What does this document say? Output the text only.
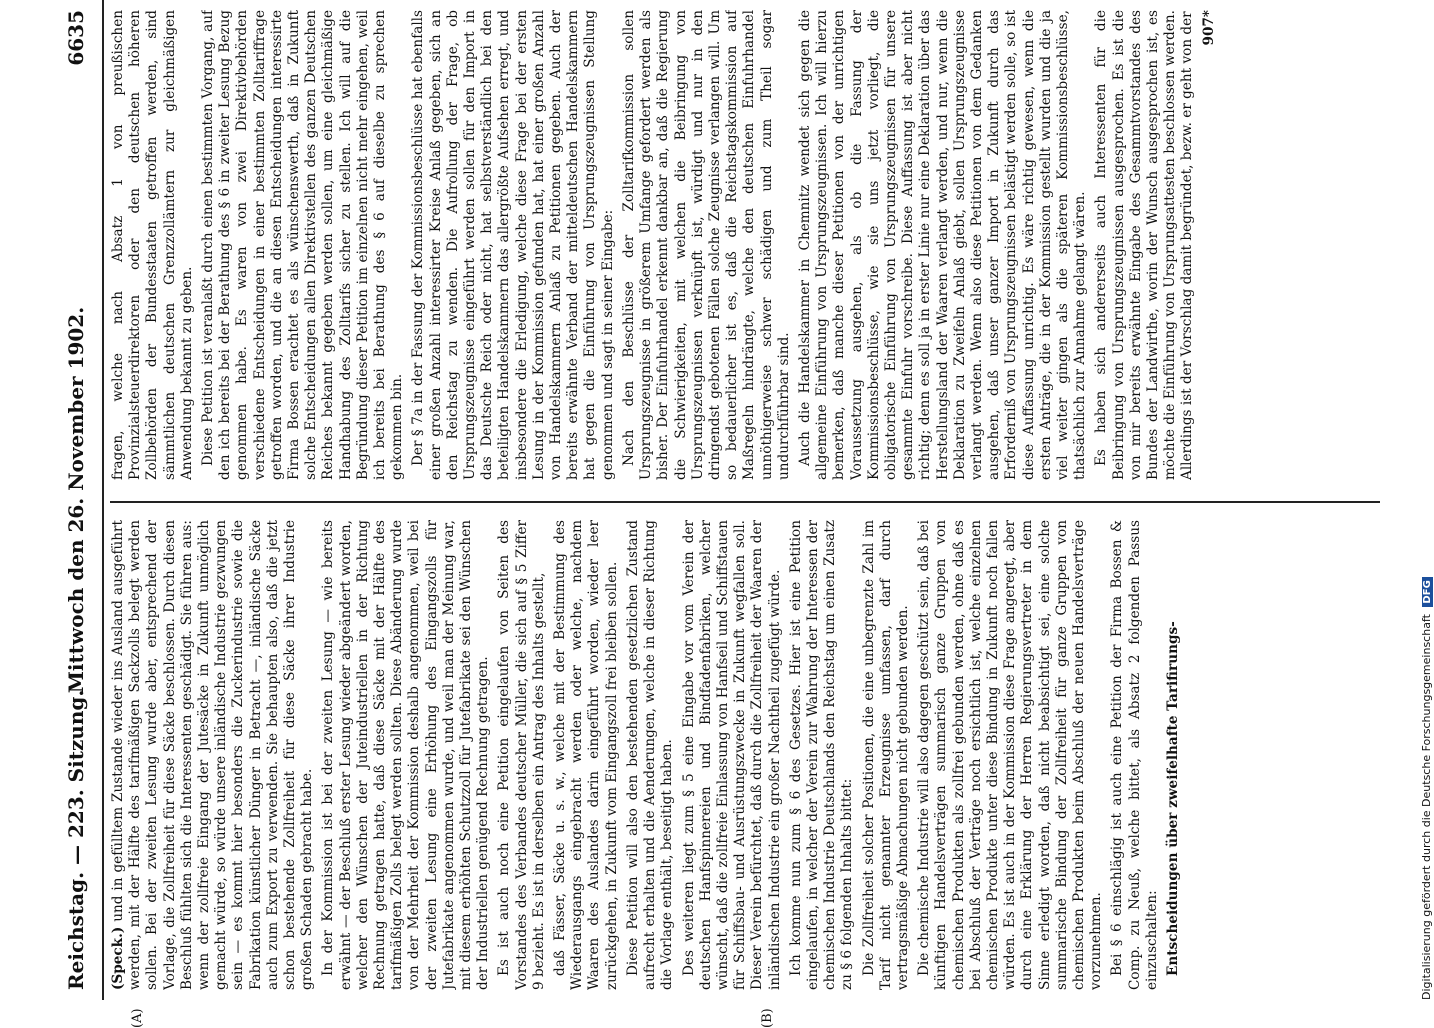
Reichstag. — 223. Sitzung.
Mittwoch den 26. November 1902.
6635
(A)	(B)

(Speck.) und in gefülltem Zustande wieder ins Ausland ausgeführt werden, mit der Hälfte des tarifmäßigen Sackzolls belegt werden sollen. Bei der zweiten Lesung wurde aber, entsprechend der Vorlage, die Zollfreiheit für diese Säcke beschlossen. Durch diesen Beschluß fühlten sich die Interessenten geschädigt. Sie führen aus: wenn der zollfreie Eingang der Jutesäcke in Zukunft unmöglich gemacht würde, so würde unsere inländische Industrie gezwungen sein — es kommt hier besonders die Zuckerindustrie sowie die Fabrikation künstlicher Dünger in Betracht —, inländische Säcke auch zum Export zu verwenden. Sie behaupten also, daß die jetzt schon bestehende Zollfreiheit für diese Säcke ihrer Industrie großen Schaden gebracht habe. In der Kommission ist bei der zweiten Lesung — wie bereits erwähnt — der Beschluß erster Lesung wieder abgeändert worden, welcher den Wünschen der Juteindustriellen in der Richtung Rechnung getragen hatte, daß diese Säcke mit der Hälfte des tarifmäßigen Zolls belegt werden sollten. Diese Abänderung wurde von der Mehrheit der Kommission deshalb angenommen, weil bei der zweiten Lesung eine Erhöhung des Eingangszolls für Jutefabrikate angenommen wurde, und weil man der Meinung war, mit diesem erhöhten Schutzzoll für Jutefabrikate sei den Wünschen der Industriellen genügend Rechnung getragen. Es ist auch noch eine Petition eingelaufen von Seiten des Vorstandes des Verbandes deutscher Müller, die sich auf § 5 Ziffer 9 bezieht. Es ist in derselben ein Antrag des Inhalts gestellt, daß Fässer, Säcke u. s. w., welche mit der Bestimmung des Wiederausgangs eingebracht werden oder welche, nachdem Waaren des Auslandes darin eingeführt worden, wieder leer zurückgehen, in Zukunft vom Eingangszoll frei bleiben sollen. Diese Petition will also den bestehenden gesetzlichen Zustand aufrecht erhalten und die Aenderungen, welche in dieser Richtung die Vorlage enthält, beseitigt haben. Des weiteren liegt zum § 5 eine Eingabe vor vom Verein der deutschen Hanfspinnereien und Bindfadenfabriken, welcher wünscht, daß die zollfreie Einlassung von Hanfseil und Schiffstauen für Schiffsbau- und Ausrüstungszwecke in Zukunft wegfallen soll. Dieser Verein befürchtet, daß durch die Zollfreiheit der Waaren der inländischen Industrie ein großer Nachtheil zugefügt würde. Ich komme nun zum § 6 des Gesetzes. Hier ist eine Petition eingelaufen, in welcher der Verein zur Wahrung der Interessen der chemischen Industrie Deutschlands den Reichstag um einen Zusatz zu § 6 folgenden Inhalts bittet: Die Zollfreiheit solcher Positionen, die eine unbegrenzte Zahl im Tarif nicht genannter Erzeugnisse umfassen, darf durch vertragsmäßige Abmachungen nicht gebunden werden. Die chemische Industrie will also dagegen geschützt sein, daß bei künftigen Handelsverträgen summarisch ganze Gruppen von chemischen Produkten als zollfrei gebunden werden, ohne daß es bei Abschluß der Verträge noch ersichtlich ist, welche einzelnen chemischen Produkte unter diese Bindung in Zukunft noch fallen würden. Es ist auch in der Kommission diese Frage angeregt, aber durch eine Erklärung der Herren Regierungsvertreter in dem Sinne erledigt worden, daß nicht beabsichtigt sei, eine solche summarische Bindung der Zollfreiheit für ganze Gruppen von chemischen Produkten beim Abschluß der neuen Handelsverträge vorzunehmen. Bei § 6 einschlägig ist auch eine Petition der Firma Bossen & Comp. zu Neuß, welche bittet, als Absatz 2 folgenden Passus einzuschalten: Entscheidungen über zweifelhafte Tarifirungs-

fragen, welche nach Absatz 1 von preußischen Provinzialsteuerdirektoren oder den deutschen höheren Zollbehörden der Bundesstaaten getroffen werden, sind sämmtlichen deutschen Grenzzollämtern zur gleichmäßigen Anwendung bekannt zu geben. Diese Petition ist veranlaßt durch einen bestimmten Vorgang, auf den ich bereits bei der Berathung des § 6 in zweiter Lesung Bezug genommen habe. Es waren von zwei Direktivbehörden verschiedene Entscheidungen in einer bestimmten Zolltariffrage getroffen worden, und die an diesen Entscheidungen interessirte Firma Bossen erachtet es als wünschenswerth, daß in Zukunft solche Entscheidungen allen Direktivstellen des ganzen Deutschen Reiches bekannt gegeben werden sollen, um eine gleichmäßige Handhabung des Zolltarifs sicher zu stellen. Ich will auf die Begründung dieser Petition im einzelnen nicht mehr eingehen, weil ich bereits bei Berathung des § 6 auf dieselbe zu sprechen gekommen bin. Der § 7a in der Fassung der Kommissionsbeschlüsse hat ebenfalls einer großen Anzahl interessirter Kreise Anlaß gegeben, sich an den Reichstag zu wenden. Die Aufrollung der Frage, ob Ursprungszeugnisse eingeführt werden sollen für den Import in das Deutsche Reich oder nicht, hat selbstverständlich bei den beteiligten Handelskammern das allergrößte Aufsehen erregt, und insbesondere die Erledigung, welche diese Frage bei der ersten Lesung in der Kommission gefunden hat, hat einer großen Anzahl von Handelskammern Anlaß zu Petitionen gegeben. Auch der bereits erwähnte Verband der mitteldeutschen Handelskammern hat gegen die Einführung von Ursprungszeugnissen Stellung genommen und sagt in seiner Eingabe: Nach den Beschlüsse der Zolltarifkommission sollen Ursprungszeugnisse in größerem Umfange gefordert werden als bisher. Der Einfuhrhandel erkennt dankbar an, daß die Regierung die Schwierigkeiten, mit welchen die Beibringung von Ursprungszeugnissen verknüpft ist, würdigt und nur in den dringendst gebotenen Fällen solche Zeugnisse verlangen will. Um so bedauerlicher ist es, daß die Reichstagskommission auf Maßregeln hindrängte, welche den deutschen Einfuhrhandel unnöthigerweise schwer schädigen und zum Theil sogar undurchführbar sind. Auch die Handelskammer in Chemnitz wendet sich gegen die allgemeine Einführung von Ursprungszeugnissen. Ich will hierzu bemerken, daß manche dieser Petitionen von der unrichtigen Voraussetzung ausgehen, als ob die Fassung der Kommissionsbeschlüsse, wie sie uns jetzt vorliegt, die obligatorische Einführung von Ursprungszeugnissen für unsere gesammte Einfuhr vorschreibe. Diese Auffassung ist aber nicht richtig; denn es soll ja in erster Linie nur eine Deklaration über das Herstellungsland der Waaren verlangt werden, und nur, wenn die Deklaration zu Zweifeln Anlaß giebt, sollen Ursprungszeugnisse verlangt werden. Wenn also diese Petitionen von dem Gedanken ausgehen, daß unser ganzer Import in Zukunft durch das Erforderniß von Ursprungszeugnissen belästigt werden solle, so ist diese Auffassung unrichtig. Es wäre richtig gewesen, wenn die ersten Anträge, die in der Kommission gestellt wurden und die ja viel weiter gingen als die späteren Kommissionsbeschlüsse, thatsächlich zur Annahme gelangt wären. Es haben sich andererseits auch Interessenten für die Beibringung von Ursprungszeugnissen ausgesprochen. Es ist die von mir bereits erwähnte Eingabe des Gesammtvorstandes des Bundes der Landwirthe, worin der Wunsch ausgesprochen ist, es möchte die Einführung von Ursprungsattesten beschlossen werden. Allerdings ist der Vorschlag damit begründet, bezw. er geht von der 907*

Digitalisierung gefördert durch die Deutsche Forschungsgemeinschaft DFG
